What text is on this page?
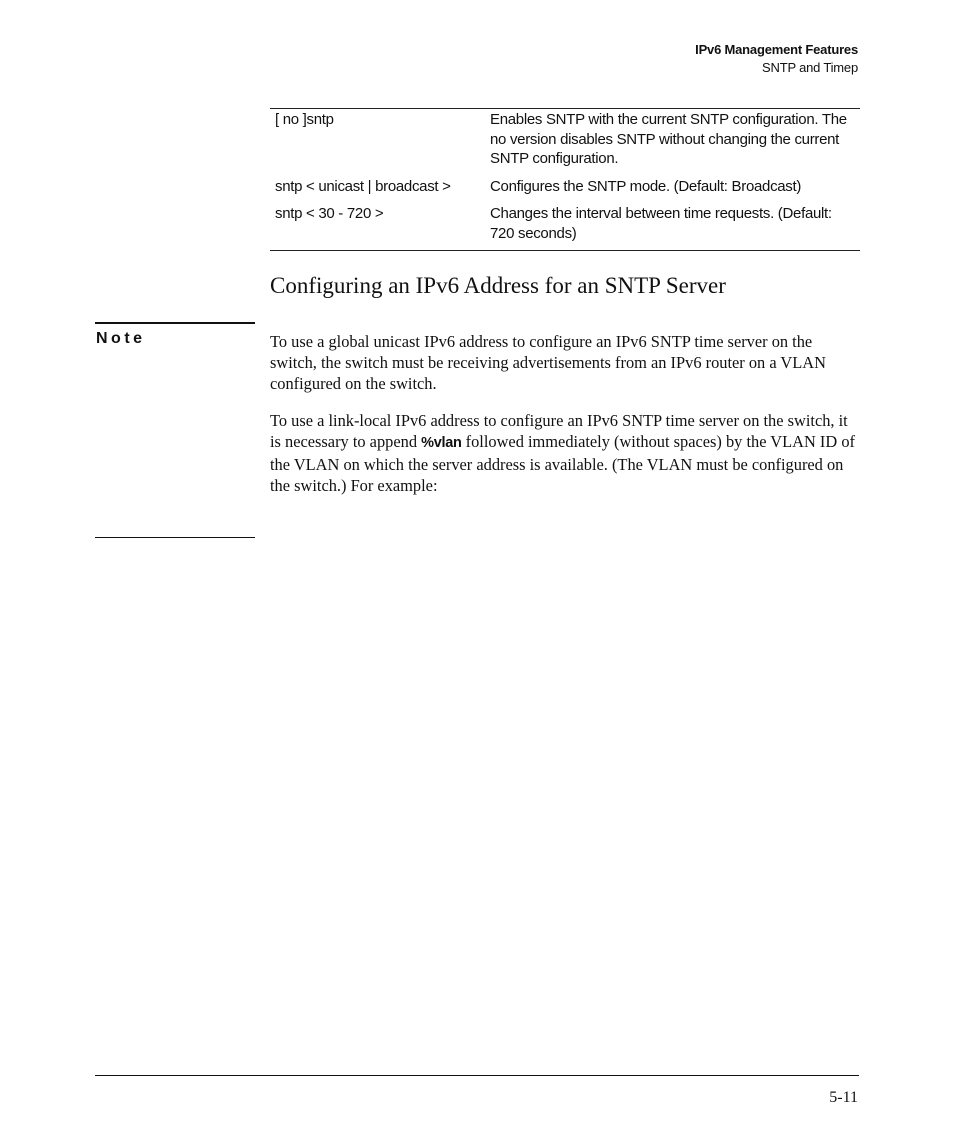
IPv6 Management Features
SNTP and Timep
[ no ]sntp	Enables SNTP with the current SNTP configuration. The no version disables SNTP without changing the current SNTP configuration.
sntp < unicast | broadcast >	Configures the SNTP mode. (Default: Broadcast)
sntp < 30 - 720 >	Changes the interval between time requests. (Default: 720 seconds)
Configuring an IPv6 Address for an SNTP Server
Note	To use a global unicast IPv6 address to configure an IPv6 SNTP time server on the switch, the switch must be receiving advertisements from an IPv6 router on a VLAN configured on the switch.

To use a link-local IPv6 address to configure an IPv6 SNTP time server on the switch, it is necessary to append %vlan followed immediately (without spaces) by the VLAN ID of the VLAN on which the server address is available. (The VLAN must be configured on the switch.) For example:

5-11
